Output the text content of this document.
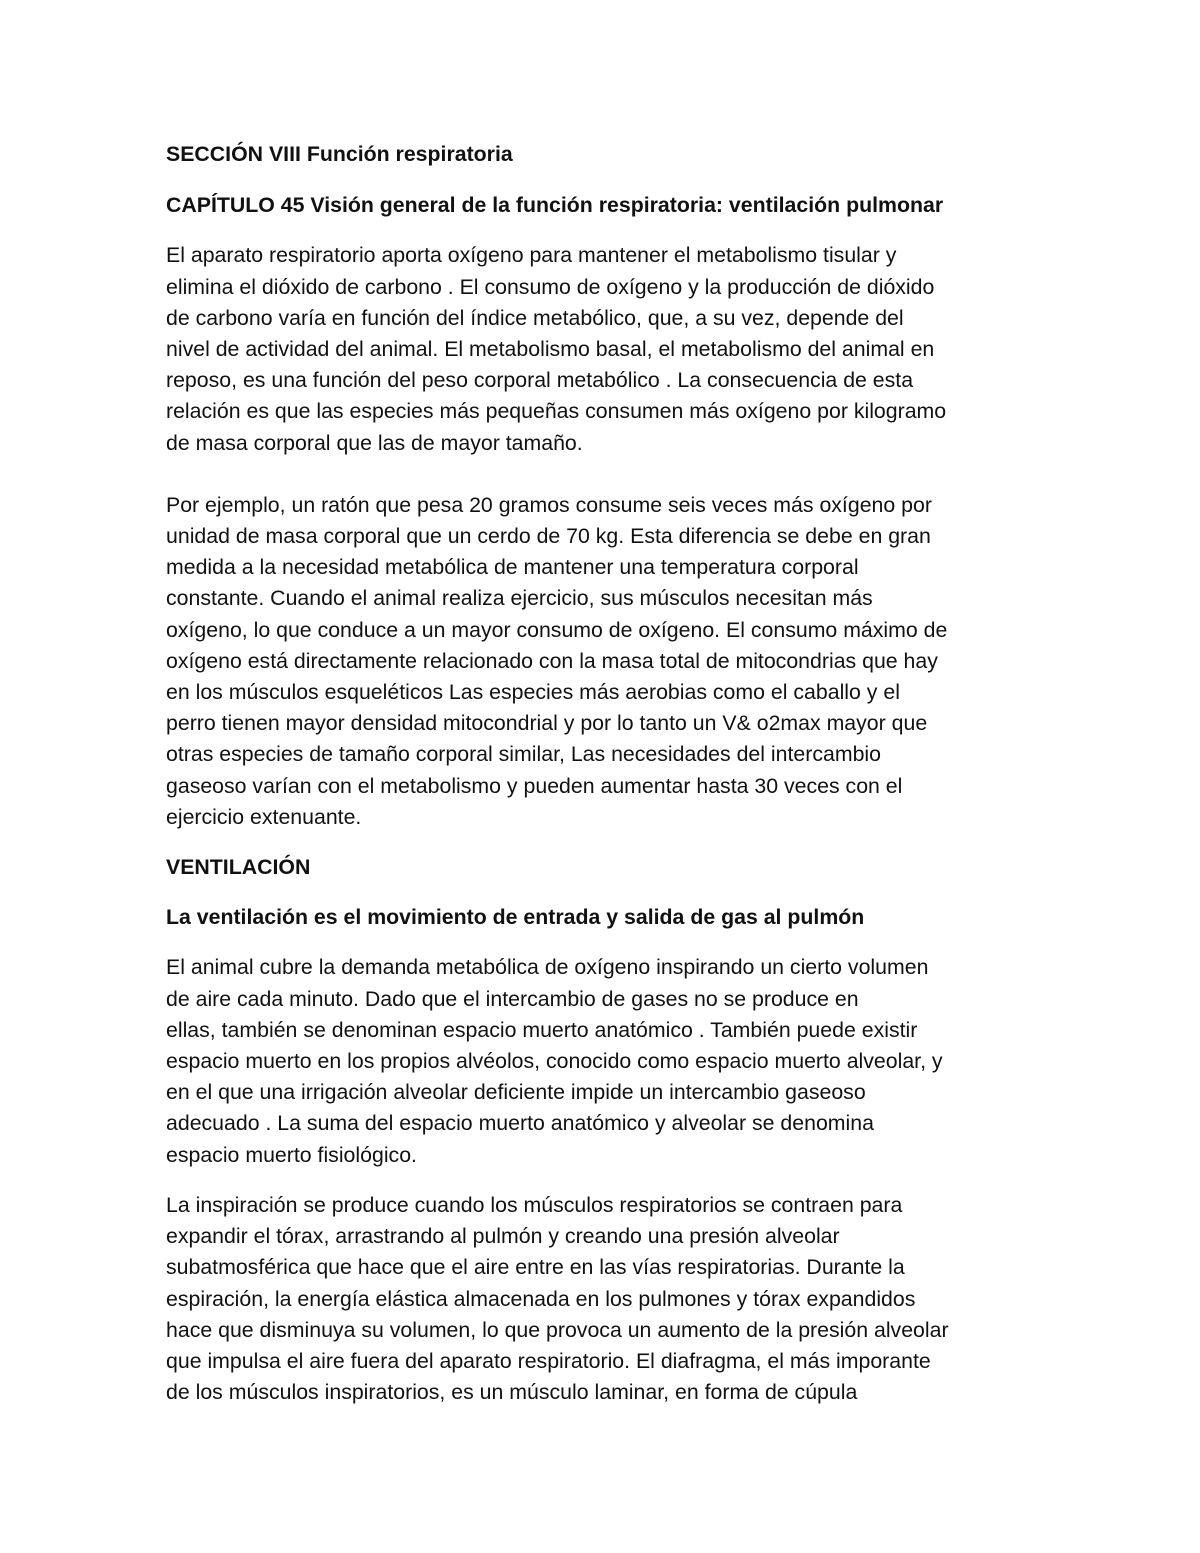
SECCIÓN VIII Función respiratoria
CAPÍTULO 45 Visión general de la función respiratoria: ventilación pulmonar
El aparato respiratorio aporta oxígeno para mantener el metabolismo tisular y
elimina el dióxido de carbono . El consumo de oxígeno y la producción de dióxido
de carbono varía en función del índice metabólico, que, a su vez, depende del
nivel de actividad del animal. El metabolismo basal, el metabolismo del animal en
reposo, es una función del peso corporal metabólico . La consecuencia de esta
relación es que las especies más pequeñas consumen más oxígeno por kilogramo
de masa corporal que las de mayor tamaño.
Por ejemplo, un ratón que pesa 20 gramos consume seis veces más oxígeno por
unidad de masa corporal que un cerdo de 70 kg. Esta diferencia se debe en gran
medida a la necesidad metabólica de mantener una temperatura corporal
constante. Cuando el animal realiza ejercicio, sus músculos necesitan más
oxígeno, lo que conduce a un mayor consumo de oxígeno. El consumo máximo de
oxígeno está directamente relacionado con la masa total de mitocondrias que hay
en los músculos esqueléticos Las especies más aerobias como el caballo y el
perro tienen mayor densidad mitocondrial y por lo tanto un V& o2max mayor que
otras especies de tamaño corporal similar, Las necesidades del intercambio
gaseoso varían con el metabolismo y pueden aumentar hasta 30 veces con el
ejercicio extenuante.
VENTILACIÓN
La ventilación es el movimiento de entrada y salida de gas al pulmón
El animal cubre la demanda metabólica de oxígeno inspirando un cierto volumen
de aire cada minuto. Dado que el intercambio de gases no se produce en
ellas, también se denominan espacio muerto anatómico . También puede existir
espacio muerto en los propios alvéolos, conocido como espacio muerto alveolar, y
en el que una irrigación alveolar deficiente impide un intercambio gaseoso
adecuado . La suma del espacio muerto anatómico y alveolar se denomina
espacio muerto fisiológico.
La inspiración se produce cuando los músculos respiratorios se contraen para
expandir el tórax, arrastrando al pulmón y creando una presión alveolar
subatmosférica que hace que el aire entre en las vías respiratorias. Durante la
espiración, la energía elástica almacenada en los pulmones y tórax expandidos
hace que disminuya su volumen, lo que provoca un aumento de la presión alveolar
que impulsa el aire fuera del aparato respiratorio. El diafragma, el más imporante
de los músculos inspiratorios, es un músculo laminar, en forma de cúpula
